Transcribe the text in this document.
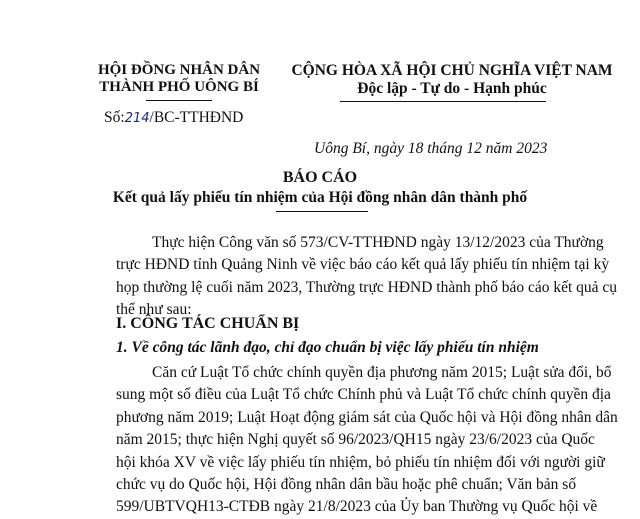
HỘI ĐỒNG NHÂN DÂN
THÀNH PHỐ UÔNG BÍ
CỘNG HÒA XÃ HỘI CHỦ NGHĨA VIỆT NAM
Độc lập - Tự do - Hạnh phúc
Số:214/BC-TTHĐND
Uông Bí, ngày 18 tháng 12 năm 2023
BÁO CÁO
Kết quả lấy phiếu tín nhiệm của Hội đồng nhân dân thành phố
Thực hiện Công văn số 573/CV-TTHĐND ngày 13/12/2023 của Thường
trực HĐND tỉnh Quảng Ninh về việc báo cáo kết quả lấy phiếu tín nhiệm tại kỳ
họp thường lệ cuối năm 2023, Thường trực HĐND thành phố báo cáo kết quả cụ
thể như sau:
I. CÔNG TÁC CHUẨN BỊ
1. Về công tác lãnh đạo, chỉ đạo chuẩn bị việc lấy phiếu tín nhiệm
Căn cứ Luật Tổ chức chính quyền địa phương năm 2015; Luật sửa đổi, bổ
sung một số điều của Luật Tổ chức Chính phủ và Luật Tổ chức chính quyền địa
phương năm 2019; Luật Hoạt động giám sát của Quốc hội và Hội đồng nhân dân
năm 2015; thực hiện Nghị quyết số 96/2023/QH15 ngày 23/6/2023 của Quốc
hội khóa XV về việc lấy phiếu tín nhiệm, bỏ phiếu tín nhiệm đối với người giữ
chức vụ do Quốc hội, Hội đồng nhân dân bầu hoặc phê chuẩn; Văn bản số
599/UBTVQH13-CTĐB ngày 21/8/2023 của Ủy ban Thường vụ Quốc hội về
